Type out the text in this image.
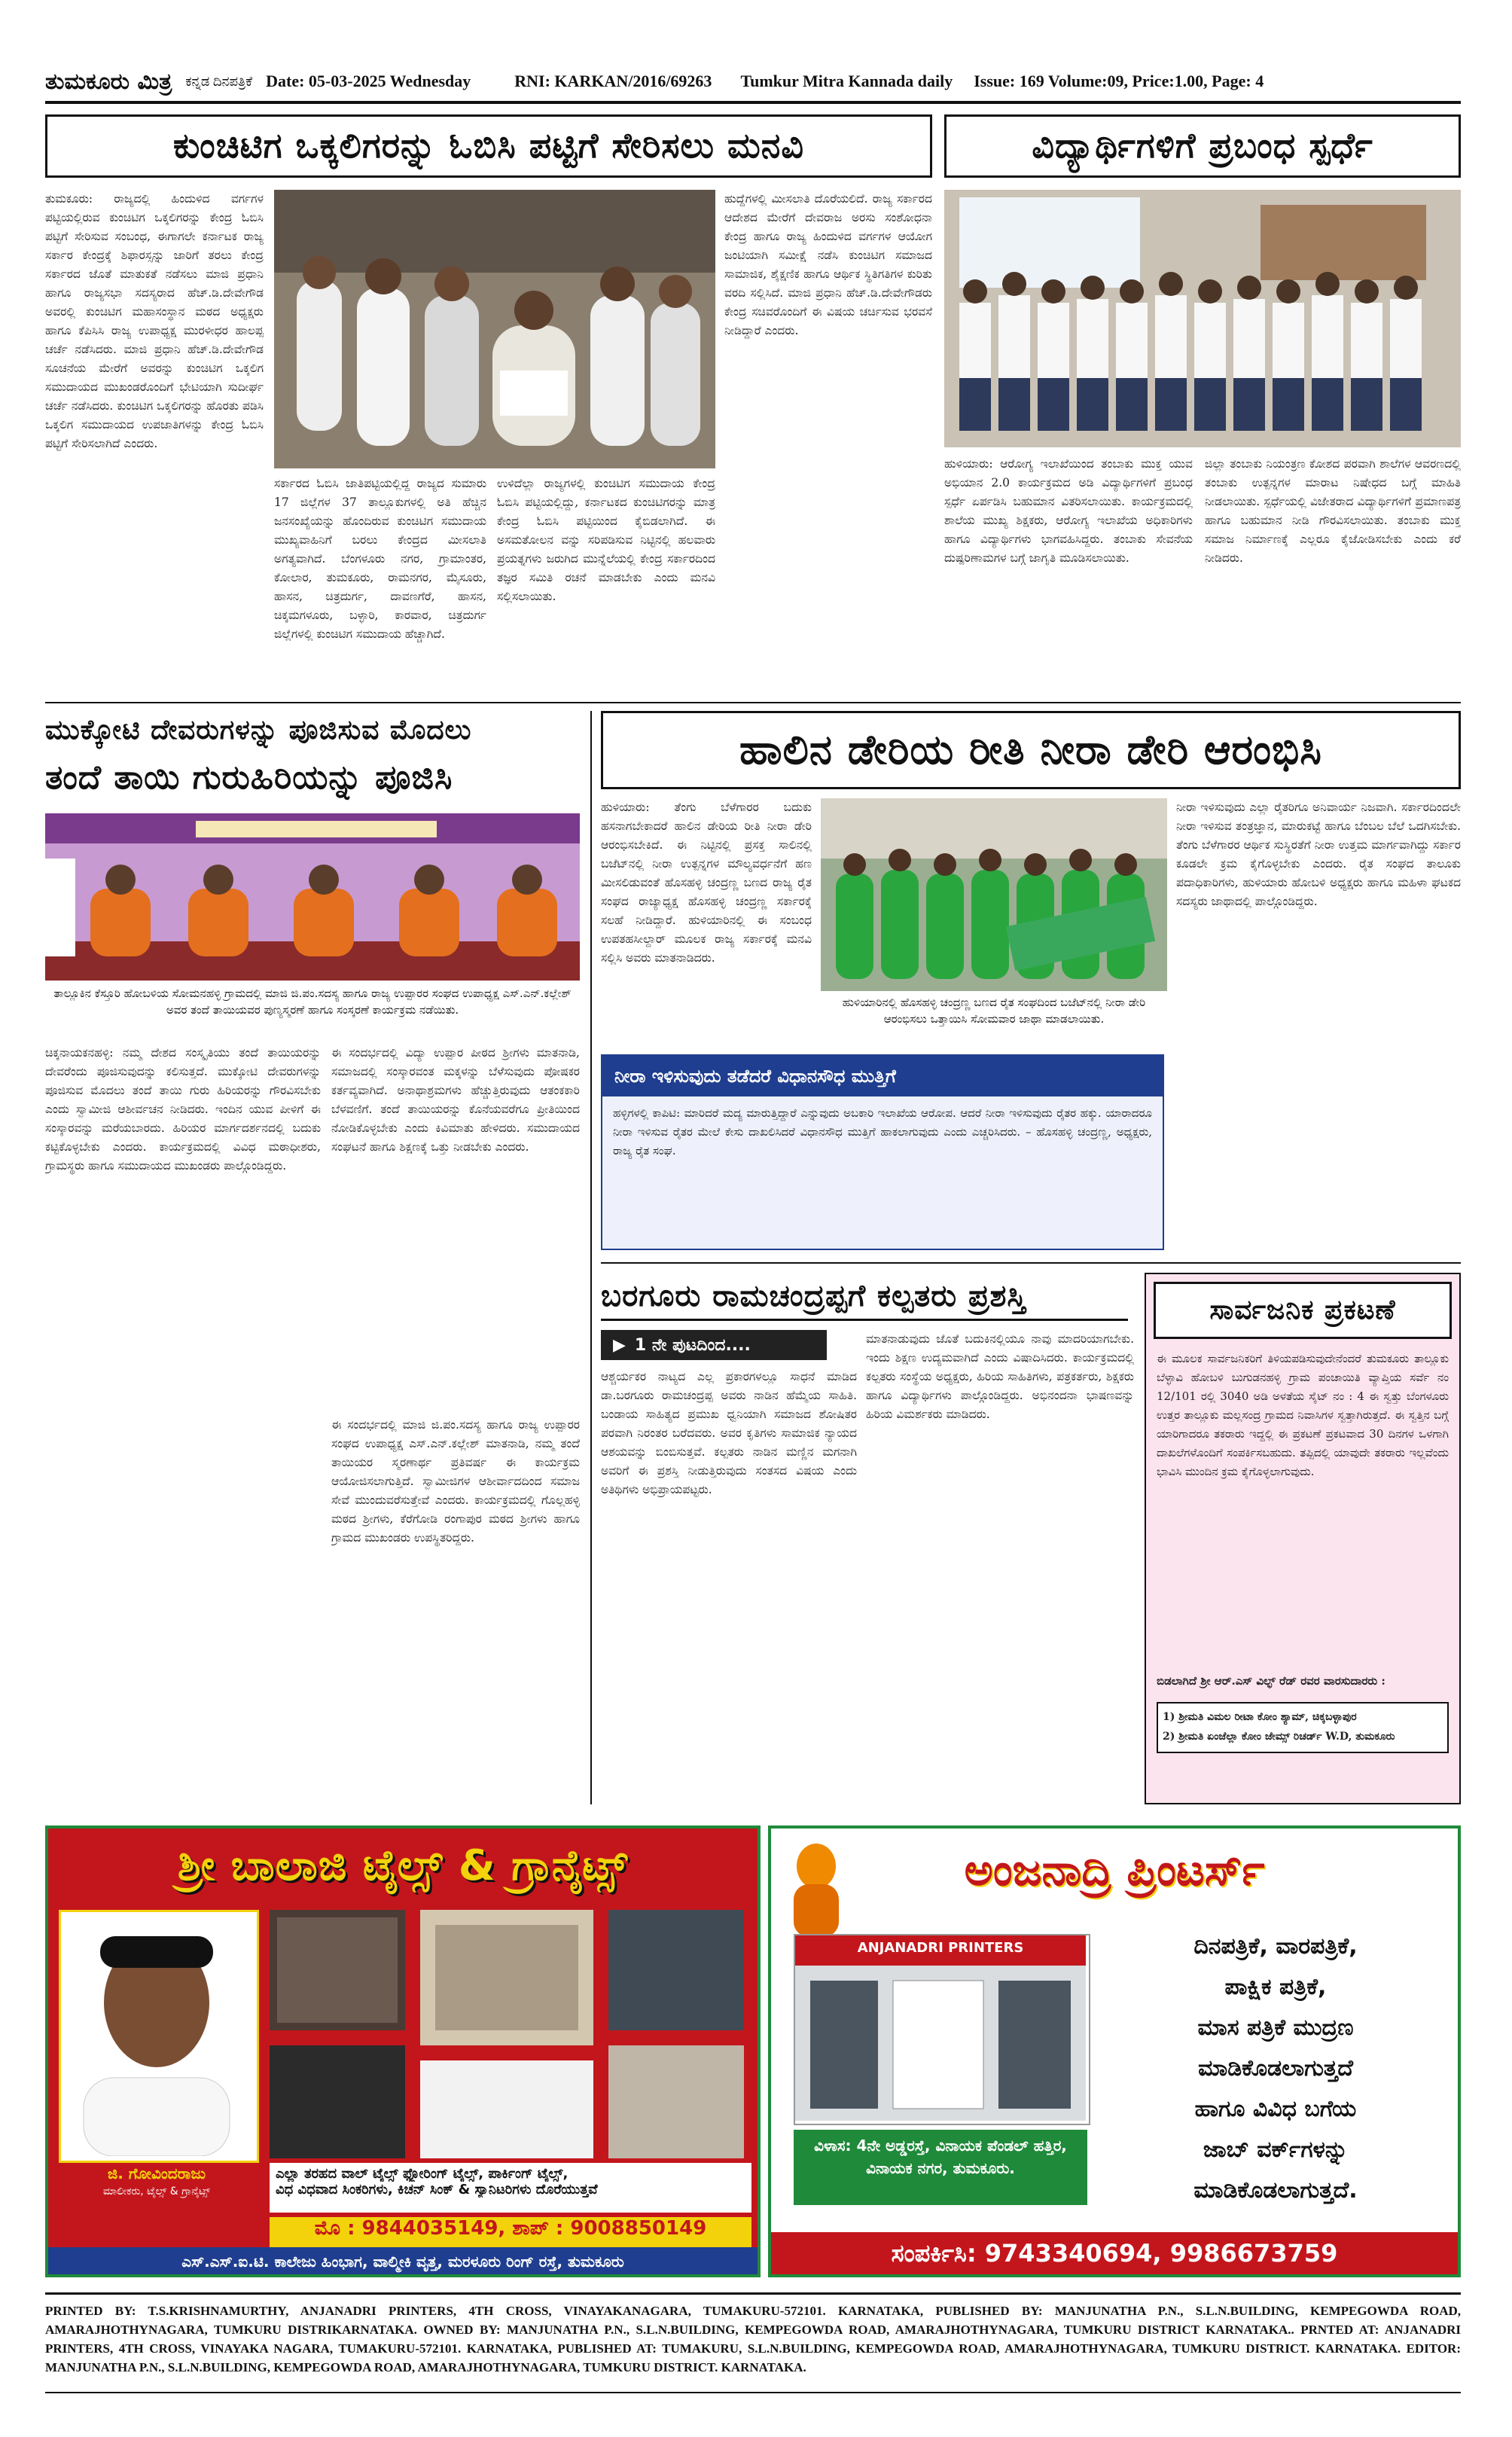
ತುಮಕೂರು ಮಿತ್ರ ಕನ್ನಡ ದಿನಪತ್ರಿಕೆ Date: 05-03-2025 Wednesday	RNI: KARKAN/2016/69263 Tumkur Mitra Kannada daily Issue: 169 Volume:09, Price:1.00, Page: 4
ಕುಂಚಿಟಿಗ ಒಕ್ಕಲಿಗರನ್ನು ಓಬಿಸಿ ಪಟ್ಟಿಗೆ ಸೇರಿಸಲು ಮನವಿ
ತುಮಕೂರು: ರಾಜ್ಯದಲ್ಲಿ ಹಿಂದುಳಿದ ವರ್ಗಗಳ ಪಟ್ಟಿಯಲ್ಲಿರುವ ಕುಂಚಿಟಿಗ ಒಕ್ಕಲಿಗರನ್ನು ಕೇಂದ್ರ ಓಬಿಸಿ ಪಟ್ಟಿಗೆ ಸೇರಿಸುವ ಸಂಬಂಧ, ಈಗಾಗಲೇ ಕರ್ನಾಟಕ ರಾಜ್ಯ ಸರ್ಕಾರ ಕೇಂದ್ರಕ್ಕೆ ಶಿಫಾರಸ್ಸನ್ನು ಜಾರಿಗೆ ತರಲು ಕೇಂದ್ರ ಸರ್ಕಾರದ ಜೊತೆ ಮಾತುಕತೆ ನಡೆಸಲು ಮಾಜಿ ಪ್ರಧಾನಿ ಹಾಗೂ ರಾಜ್ಯಸಭಾ ಸದಸ್ಯರಾದ ಹೆಚ್.ಡಿ.ದೇವೇಗೌಡ ಅವರಲ್ಲಿ ಕುಂಚಿಟಿಗ ಮಹಾಸಂಸ್ಥಾನ ಮಠದ ಅಧ್ಯಕ್ಷರು ಹಾಗೂ ಕೆಪಿಸಿಸಿ ರಾಜ್ಯ ಉಪಾಧ್ಯಕ್ಷ ಮುರಳೀಧರ ಹಾಲಪ್ಪ ಚರ್ಚೆ ನಡೆಸಿದರು. ಮಾಜಿ ಪ್ರಧಾನಿ ಹೆಚ್.ಡಿ.ದೇವೇಗೌಡ ಸೂಚನೆಯ ಮೇರೆಗೆ ಅವರನ್ನು ಕುಂಚಿಟಿಗ ಒಕ್ಕಲಿಗ ಸಮುದಾಯದ ಮುಖಂಡರೊಂದಿಗೆ ಭೇಟಿಯಾಗಿ ಸುದೀರ್ಘ ಚರ್ಚೆ ನಡೆಸಿದರು. ಕುಂಚಿಟಿಗ ಒಕ್ಕಲಿಗರನ್ನು ಹೊರತು ಪಡಿಸಿ ಒಕ್ಕಲಿಗ ಸಮುದಾಯದ ಉಪಜಾತಿಗಳನ್ನು ಕೇಂದ್ರ ಓಬಿಸಿ ಪಟ್ಟಿಗೆ ಸೇರಿಸಲಾಗಿದೆ ಎಂದರು.
ಸರ್ಕಾರದ ಓಬಿಸಿ ಜಾತಿಪಟ್ಟಿಯಲ್ಲಿದ್ದ ರಾಜ್ಯದ ಸುಮಾರು 17 ಜಿಲ್ಲೆಗಳ 37 ತಾಲ್ಲೂಕುಗಳಲ್ಲಿ ಅತಿ ಹೆಚ್ಚಿನ ಜನಸಂಖ್ಯೆಯನ್ನು ಹೊಂದಿರುವ ಕುಂಚಿಟಿಗ ಸಮುದಾಯ ಮುಖ್ಯವಾಹಿನಿಗೆ ಬರಲು ಕೇಂದ್ರದ ಮೀಸಲಾತಿ ಅಗತ್ಯವಾಗಿದೆ. ಬೆಂಗಳೂರು ನಗರ, ಗ್ರಾಮಾಂತರ, ಕೋಲಾರ, ತುಮಕೂರು, ರಾಮನಗರ, ಮೈಸೂರು, ಹಾಸನ, ಚಿತ್ರದುರ್ಗ, ದಾವಣಗೆರೆ, ಹಾಸನ, ಚಿಕ್ಕಮಗಳೂರು, ಬಳ್ಳಾರಿ, ಕಾರವಾರ, ಚಿತ್ರದುರ್ಗ ಜಿಲ್ಲೆಗಳಲ್ಲಿ ಕುಂಚಿಟಿಗ ಸಮುದಾಯ ಹೆಚ್ಚಾಗಿದೆ.
ಉಳಿದೆಲ್ಲಾ ರಾಜ್ಯಗಳಲ್ಲಿ ಕುಂಚಿಟಿಗ ಸಮುದಾಯ ಕೇಂದ್ರ ಓಬಿಸಿ ಪಟ್ಟಿಯಲ್ಲಿದ್ದು, ಕರ್ನಾಟಕದ ಕುಂಚಿಟಿಗರನ್ನು ಮಾತ್ರ ಕೇಂದ್ರ ಓಬಿಸಿ ಪಟ್ಟಿಯಿಂದ ಕೈಬಿಡಲಾಗಿದೆ. ಈ ಅಸಮತೋಲನ ವನ್ನು ಸರಿಪಡಿಸುವ ನಿಟ್ಟಿನಲ್ಲಿ ಹಲವಾರು ಪ್ರಯತ್ನಗಳು ಜರುಗಿದ ಮುನ್ನೆಲೆಯಲ್ಲಿ ಕೇಂದ್ರ ಸರ್ಕಾರದಿಂದ ತಜ್ಞರ ಸಮಿತಿ ರಚನೆ ಮಾಡಬೇಕು ಎಂದು ಮನವಿ ಸಲ್ಲಿಸಲಾಯಿತು.
ಹುದ್ದೆಗಳಲ್ಲಿ ಮೀಸಲಾತಿ ದೊರೆಯಲಿದೆ. ರಾಜ್ಯ ಸರ್ಕಾರದ ಆದೇಶದ ಮೇರೆಗೆ ದೇವರಾಜ ಅರಸು ಸಂಶೋಧನಾ ಕೇಂದ್ರ ಹಾಗೂ ರಾಜ್ಯ ಹಿಂದುಳಿದ ವರ್ಗಗಳ ಆಯೋಗ ಜಂಟಿಯಾಗಿ ಸಮೀಕ್ಷೆ ನಡೆಸಿ ಕುಂಚಿಟಿಗ ಸಮಾಜದ ಸಾಮಾಜಿಕ, ಶೈಕ್ಷಣಿಕ ಹಾಗೂ ಆರ್ಥಿಕ ಸ್ಥಿತಿಗತಿಗಳ ಕುರಿತು ವರದಿ ಸಲ್ಲಿಸಿದೆ. ಮಾಜಿ ಪ್ರಧಾನಿ ಹೆಚ್.ಡಿ.ದೇವೇಗೌಡರು ಕೇಂದ್ರ ಸಚಿವರೊಂದಿಗೆ ಈ ವಿಷಯ ಚರ್ಚಿಸುವ ಭರವಸೆ ನೀಡಿದ್ದಾರೆ ಎಂದರು.
ವಿದ್ಯಾರ್ಥಿಗಳಿಗೆ ಪ್ರಬಂಧ ಸ್ಪರ್ಧೆ
ಹುಳಿಯಾರು: ಆರೋಗ್ಯ ಇಲಾಖೆಯಿಂದ ತಂಬಾಕು ಮುಕ್ತ ಯುವ ಅಭಿಯಾನ 2.0 ಕಾರ್ಯಕ್ರಮದ ಅಡಿ ವಿದ್ಯಾರ್ಥಿಗಳಿಗೆ ಪ್ರಬಂಧ ಸ್ಪರ್ಧೆ ಏರ್ಪಡಿಸಿ ಬಹುಮಾನ ವಿತರಿಸಲಾಯಿತು. ಕಾರ್ಯಕ್ರಮದಲ್ಲಿ ಶಾಲೆಯ ಮುಖ್ಯ ಶಿಕ್ಷಕರು, ಆರೋಗ್ಯ ಇಲಾಖೆಯ ಅಧಿಕಾರಿಗಳು ಹಾಗೂ ವಿದ್ಯಾರ್ಥಿಗಳು ಭಾಗವಹಿಸಿದ್ದರು. ತಂಬಾಕು ಸೇವನೆಯ ದುಷ್ಪರಿಣಾಮಗಳ ಬಗ್ಗೆ ಜಾಗೃತಿ ಮೂಡಿಸಲಾಯಿತು.
ಜಿಲ್ಲಾ ತಂಬಾಕು ನಿಯಂತ್ರಣ ಕೋಶದ ಪರವಾಗಿ ಶಾಲೆಗಳ ಆವರಣದಲ್ಲಿ ತಂಬಾಕು ಉತ್ಪನ್ನಗಳ ಮಾರಾಟ ನಿಷೇಧದ ಬಗ್ಗೆ ಮಾಹಿತಿ ನೀಡಲಾಯಿತು. ಸ್ಪರ್ಧೆಯಲ್ಲಿ ವಿಜೇತರಾದ ವಿದ್ಯಾರ್ಥಿಗಳಿಗೆ ಪ್ರಮಾಣಪತ್ರ ಹಾಗೂ ಬಹುಮಾನ ನೀಡಿ ಗೌರವಿಸಲಾಯಿತು. ತಂಬಾಕು ಮುಕ್ತ ಸಮಾಜ ನಿರ್ಮಾಣಕ್ಕೆ ಎಲ್ಲರೂ ಕೈಜೋಡಿಸಬೇಕು ಎಂದು ಕರೆ ನೀಡಿದರು.
ಮುಕ್ಕೋಟಿ ದೇವರುಗಳನ್ನು ಪೂಜಿಸುವ ಮೊದಲು
ತಂದೆ ತಾಯಿ ಗುರುಹಿರಿಯನ್ನು ಪೂಜಿಸಿ
ತಾಲ್ಲೂಕಿನ ಕೆಸ್ತೂರಿ ಹೋಬಳಿಯ ಸೋಮನಹಳ್ಳಿ ಗ್ರಾಮದಲ್ಲಿ ಮಾಜಿ ಜಿ.ಪಂ.ಸದಸ್ಯ ಹಾಗೂ ರಾಜ್ಯ ಉಪ್ಪಾರರ ಸಂಘದ ಉಪಾಧ್ಯಕ್ಷ ಎಸ್.ಎನ್.ಕಲ್ಲೇಶ್ ಅವರ ತಂದೆ ತಾಯಿಯವರ ಪುಣ್ಯಸ್ಮರಣೆ ಹಾಗೂ ಸಂಸ್ಕರಣೆ ಕಾರ್ಯಕ್ರಮ ನಡೆಯಿತು.
ಚಿಕ್ಕನಾಯಕನಹಳ್ಳಿ: ನಮ್ಮ ದೇಶದ ಸಂಸ್ಕೃತಿಯು ತಂದೆ ತಾಯಿಯರನ್ನು ದೇವರೆಂದು ಪೂಜಿಸುವುದನ್ನು ಕಲಿಸುತ್ತದೆ. ಮುಕ್ಕೋಟಿ ದೇವರುಗಳನ್ನು ಪೂಜಿಸುವ ಮೊದಲು ತಂದೆ ತಾಯಿ ಗುರು ಹಿರಿಯರನ್ನು ಗೌರವಿಸಬೇಕು ಎಂದು ಸ್ವಾಮೀಜಿ ಆಶೀರ್ವಚನ ನೀಡಿದರು. ಇಂದಿನ ಯುವ ಪೀಳಿಗೆ ಈ ಸಂಸ್ಕಾರವನ್ನು ಮರೆಯಬಾರದು. ಹಿರಿಯರ ಮಾರ್ಗದರ್ಶನದಲ್ಲಿ ಬದುಕು ಕಟ್ಟಿಕೊಳ್ಳಬೇಕು ಎಂದರು. ಕಾರ್ಯಕ್ರಮದಲ್ಲಿ ವಿವಿಧ ಮಠಾಧೀಶರು, ಗ್ರಾಮಸ್ಥರು ಹಾಗೂ ಸಮುದಾಯದ ಮುಖಂಡರು ಪಾಲ್ಗೊಂಡಿದ್ದರು.
ಈ ಸಂದರ್ಭದಲ್ಲಿ ವಿದ್ಯಾ ಉಪ್ಪಾರ ಪೀಠದ ಶ್ರೀಗಳು ಮಾತನಾಡಿ, ಸಮಾಜದಲ್ಲಿ ಸಂಸ್ಕಾರವಂತ ಮಕ್ಕಳನ್ನು ಬೆಳೆಸುವುದು ಪೋಷಕರ ಕರ್ತವ್ಯವಾಗಿದೆ. ಅನಾಥಾಶ್ರಮಗಳು ಹೆಚ್ಚುತ್ತಿರುವುದು ಆತಂಕಕಾರಿ ಬೆಳವಣಿಗೆ. ತಂದೆ ತಾಯಿಯರನ್ನು ಕೊನೆಯವರೆಗೂ ಪ್ರೀತಿಯಿಂದ ನೋಡಿಕೊಳ್ಳಬೇಕು ಎಂದು ಕಿವಿಮಾತು ಹೇಳಿದರು. ಸಮುದಾಯದ ಸಂಘಟನೆ ಹಾಗೂ ಶಿಕ್ಷಣಕ್ಕೆ ಒತ್ತು ನೀಡಬೇಕು ಎಂದರು.
ಈ ಸಂದರ್ಭದಲ್ಲಿ ಮಾಜಿ ಜಿ.ಪಂ.ಸದಸ್ಯ ಹಾಗೂ ರಾಜ್ಯ ಉಪ್ಪಾರರ ಸಂಘದ ಉಪಾಧ್ಯಕ್ಷ ಎಸ್.ಎನ್.ಕಲ್ಲೇಶ್ ಮಾತನಾಡಿ, ನಮ್ಮ ತಂದೆ ತಾಯಿಯರ ಸ್ಮರಣಾರ್ಥ ಪ್ರತಿವರ್ಷ ಈ ಕಾರ್ಯಕ್ರಮ ಆಯೋಜಿಸಲಾಗುತ್ತಿದೆ. ಸ್ವಾಮೀಜಿಗಳ ಆಶೀರ್ವಾದದಿಂದ ಸಮಾಜ ಸೇವೆ ಮುಂದುವರೆಸುತ್ತೇವೆ ಎಂದರು. ಕಾರ್ಯಕ್ರಮದಲ್ಲಿ ಗೊಲ್ಲಹಳ್ಳಿ ಮಠದ ಶ್ರೀಗಳು, ಕೆರೆಗೋಡಿ ರಂಗಾಪುರ ಮಠದ ಶ್ರೀಗಳು ಹಾಗೂ ಗ್ರಾಮದ ಮುಖಂಡರು ಉಪಸ್ಥಿತರಿದ್ದರು.
ಹಾಲಿನ ಡೇರಿಯ ರೀತಿ ನೀರಾ ಡೇರಿ ಆರಂಭಿಸಿ
ಹುಳಿಯಾರು: ತೆಂಗು ಬೆಳೆಗಾರರ ಬದುಕು ಹಸನಾಗಬೇಕಾದರೆ ಹಾಲಿನ ಡೇರಿಯ ರೀತಿ ನೀರಾ ಡೇರಿ ಆರಂಭಿಸಬೇಕಿದೆ. ಈ ನಿಟ್ಟಿನಲ್ಲಿ ಪ್ರಸಕ್ತ ಸಾಲಿನಲ್ಲಿ ಬಜೆಟ್‌ನಲ್ಲಿ ನೀರಾ ಉತ್ಪನ್ನಗಳ ಮೌಲ್ಯವರ್ಧನೆಗೆ ಹಣ ಮೀಸಲಿಡುವಂತೆ ಹೊಸಹಳ್ಳಿ ಚಂದ್ರಣ್ಣ ಬಣದ ರಾಜ್ಯ ರೈತ ಸಂಘದ ರಾಜ್ಯಾಧ್ಯಕ್ಷ ಹೊಸಹಳ್ಳಿ ಚಂದ್ರಣ್ಣ ಸರ್ಕಾರಕ್ಕೆ ಸಲಹೆ ನೀಡಿದ್ದಾರೆ. ಹುಳಿಯಾರಿನಲ್ಲಿ ಈ ಸಂಬಂಧ ಉಪತಹಸೀಲ್ದಾರ್ ಮೂಲಕ ರಾಜ್ಯ ಸರ್ಕಾರಕ್ಕೆ ಮನವಿ ಸಲ್ಲಿಸಿ ಅವರು ಮಾತನಾಡಿದರು.
ಹುಳಿಯಾರಿನಲ್ಲಿ ಹೊಸಹಳ್ಳಿ ಚಂದ್ರಣ್ಣ ಬಣದ ರೈತ ಸಂಘದಿಂದ ಬಜೆಟ್‌ನಲ್ಲಿ ನೀರಾ ಡೇರಿ ಆರಂಭಿಸಲು ಒತ್ತಾಯಿಸಿ ಸೋಮವಾರ ಜಾಥಾ ಮಾಡಲಾಯಿತು.
ನೀರಾ ಇಳಿಸುವುದು ಎಲ್ಲಾ ರೈತರಿಗೂ ಅನಿವಾರ್ಯ ನಿಜವಾಗಿ. ಸರ್ಕಾರದಿಂದಲೇ ನೀರಾ ಇಳಿಸುವ ತಂತ್ರಜ್ಞಾನ, ಮಾರುಕಟ್ಟೆ ಹಾಗೂ ಬೆಂಬಲ ಬೆಲೆ ಒದಗಿಸಬೇಕು. ತೆಂಗು ಬೆಳೆಗಾರರ ಆರ್ಥಿಕ ಸುಸ್ಥಿರತೆಗೆ ನೀರಾ ಉತ್ತಮ ಮಾರ್ಗವಾಗಿದ್ದು ಸರ್ಕಾರ ಕೂಡಲೇ ಕ್ರಮ ಕೈಗೊಳ್ಳಬೇಕು ಎಂದರು. ರೈತ ಸಂಘದ ತಾಲೂಕು ಪದಾಧಿಕಾರಿಗಳು, ಹುಳಿಯಾರು ಹೋಬಳಿ ಅಧ್ಯಕ್ಷರು ಹಾಗೂ ಮಹಿಳಾ ಘಟಕದ ಸದಸ್ಯರು ಜಾಥಾದಲ್ಲಿ ಪಾಲ್ಗೊಂಡಿದ್ದರು.
ನೀರಾ ಇಳಿಸುವುದು ತಡೆದರೆ ವಿಧಾನಸೌಧ ಮುತ್ತಿಗೆ
ಹಳ್ಳಿಗಳಲ್ಲಿ ಕಾಪಿಟಿ: ಮಾರಿದರೆ ಮದ್ಯ ಮಾರುತ್ತಿದ್ದಾರೆ ಎನ್ನುವುದು ಅಬಕಾರಿ ಇಲಾಖೆಯ ಆರೋಪ. ಆದರೆ ನೀರಾ ಇಳಿಸುವುದು ರೈತರ ಹಕ್ಕು. ಯಾರಾದರೂ ನೀರಾ ಇಳಿಸುವ ರೈತರ ಮೇಲೆ ಕೇಸು ದಾಖಲಿಸಿದರೆ ವಿಧಾನಸೌಧ ಮುತ್ತಿಗೆ ಹಾಕಲಾಗುವುದು ಎಂದು ಎಚ್ಚರಿಸಿದರು. – ಹೊಸಹಳ್ಳಿ ಚಂದ್ರಣ್ಣ, ಅಧ್ಯಕ್ಷರು, ರಾಜ್ಯ ರೈತ ಸಂಘ.
ಬರಗೂರು ರಾಮಚಂದ್ರಪ್ಪಗೆ ಕಲ್ಪತರು ಪ್ರಶಸ್ತಿ
▶ 1 ನೇ ಪುಟದಿಂದ....
ಆಶ್ಚರ್ಯಕರ ನಾಟ್ಯದ ಎಲ್ಲ ಪ್ರಕಾರಗಳಲ್ಲೂ ಸಾಧನೆ ಮಾಡಿದ ಡಾ.ಬರಗೂರು ರಾಮಚಂದ್ರಪ್ಪ ಅವರು ನಾಡಿನ ಹೆಮ್ಮೆಯ ಸಾಹಿತಿ. ಬಂಡಾಯ ಸಾಹಿತ್ಯದ ಪ್ರಮುಖ ಧ್ವನಿಯಾಗಿ ಸಮಾಜದ ಶೋಷಿತರ ಪರವಾಗಿ ನಿರಂತರ ಬರೆದವರು. ಅವರ ಕೃತಿಗಳು ಸಾಮಾಜಿಕ ನ್ಯಾಯದ ಆಶಯವನ್ನು ಬಿಂಬಿಸುತ್ತವೆ. ಕಲ್ಪತರು ನಾಡಿನ ಮಣ್ಣಿನ ಮಗನಾಗಿ ಅವರಿಗೆ ಈ ಪ್ರಶಸ್ತಿ ನೀಡುತ್ತಿರುವುದು ಸಂತಸದ ವಿಷಯ ಎಂದು ಅತಿಥಿಗಳು ಅಭಿಪ್ರಾಯಪಟ್ಟರು.
ಮಾತನಾಡುವುದು ಜೊತೆ ಬದುಕಿನಲ್ಲಿಯೂ ನಾವು ಮಾದರಿಯಾಗಬೇಕು. ಇಂದು ಶಿಕ್ಷಣ ಉದ್ಯಮವಾಗಿದೆ ಎಂದು ವಿಷಾದಿಸಿದರು. ಕಾರ್ಯಕ್ರಮದಲ್ಲಿ ಕಲ್ಪತರು ಸಂಸ್ಥೆಯ ಅಧ್ಯಕ್ಷರು, ಹಿರಿಯ ಸಾಹಿತಿಗಳು, ಪತ್ರಕರ್ತರು, ಶಿಕ್ಷಕರು ಹಾಗೂ ವಿದ್ಯಾರ್ಥಿಗಳು ಪಾಲ್ಗೊಂಡಿದ್ದರು. ಅಭಿನಂದನಾ ಭಾಷಣವನ್ನು ಹಿರಿಯ ವಿಮರ್ಶಕರು ಮಾಡಿದರು.
ಸಾರ್ವಜನಿಕ ಪ್ರಕಟಣೆ
ಈ ಮೂಲಕ ಸಾರ್ವಜನಿಕರಿಗೆ ತಿಳಿಯಪಡಿಸುವುದೇನೆಂದರೆ ತುಮಕೂರು ತಾಲ್ಲೂಕು ಬೆಳ್ಳಾವಿ ಹೋಬಳಿ ಬುಗುಡನಹಳ್ಳಿ ಗ್ರಾಮ ಪಂಚಾಯಿತಿ ವ್ಯಾಪ್ತಿಯ ಸರ್ವೆ ನಂ 12/101 ರಲ್ಲಿ 3040 ಅಡಿ ಅಳತೆಯ ಸೈಟ್ ನಂ : 4 ಈ ಸ್ವತ್ತು ಬೆಂಗಳೂರು ಉತ್ತರ ತಾಲ್ಲೂಕು ಮಲ್ಲಸಂದ್ರ ಗ್ರಾಮದ ನಿವಾಸಿಗಳ ಸ್ವತ್ತಾಗಿರುತ್ತದೆ. ಈ ಸ್ವತ್ತಿನ ಬಗ್ಗೆ ಯಾರಿಗಾದರೂ ತಕರಾರು ಇದ್ದಲ್ಲಿ ಈ ಪ್ರಕಟಣೆ ಪ್ರಕಟವಾದ 30 ದಿನಗಳ ಒಳಗಾಗಿ ದಾಖಲೆಗಳೊಂದಿಗೆ ಸಂಪರ್ಕಿಸಬಹುದು. ತಪ್ಪಿದಲ್ಲಿ ಯಾವುದೇ ತಕರಾರು ಇಲ್ಲವೆಂದು ಭಾವಿಸಿ ಮುಂದಿನ ಕ್ರಮ ಕೈಗೊಳ್ಳಲಾಗುವುದು.
ಬಿಡಲಾಗಿದೆ ಶ್ರೀ ಆರ್.ಎಸ್ ವಿಲ್ಫ್ ರೆಡ್ ರವರ ವಾರಸುದಾರರು :
1) ಶ್ರೀಮತಿ ವಿಮಲ ರೀಟಾ ಕೋಂ ಶ್ಯಾಮ್, ಚಿಕ್ಕಬಳ್ಳಾಪುರ
2) ಶ್ರೀಮತಿ ಏಂಜೆಲ್ಲಾ ಕೋಂ ಜೇಮ್ಸ್ ರಿಚರ್ಡ್ W.D, ತುಮಕೂರು
ಶ್ರೀ ಬಾಲಾಜಿ ಟೈಲ್ಸ್ & ಗ್ರಾನೈಟ್ಸ್
ಜಿ. ಗೋವಿಂದರಾಜು
ಮಾಲೀಕರು, ಟೈಲ್ಸ್ & ಗ್ರಾನೈಟ್ಸ್
ಎಲ್ಲಾ ತರಹದ ವಾಲ್ ಟೈಲ್ಸ್ ಫ್ಲೋರಿಂಗ್ ಟೈಲ್ಸ್, ಪಾರ್ಕಿಂಗ್ ಟೈಲ್ಸ್,
ವಿಧ ವಿಧವಾದ ಸಿಂಕರಿಗಳು, ಕಿಚನ್ ಸಿಂಕ್ & ಸ್ಯಾನಿಟರಿಗಳು ದೊರೆಯುತ್ತವೆ
ಮೊ : 9844035149, ಶಾಪ್ : 9008850149
ಎಸ್.ಎಸ್.ಐ.ಟಿ. ಕಾಲೇಜು ಹಿಂಭಾಗ, ವಾಲ್ಮೀಕಿ ವೃತ್ತ, ಮರಳೂರು ರಿಂಗ್ ರಸ್ತೆ, ತುಮಕೂರು
ಅಂಜನಾದ್ರಿ ಪ್ರಿಂಟರ್ಸ್
ANJANADRI PRINTERS
ವಿಳಾಸ: 4ನೇ ಅಡ್ಡರಸ್ತೆ, ವಿನಾಯಕ ಪೆಂಡಲ್ ಹತ್ತಿರ, ವಿನಾಯಕ ನಗರ, ತುಮಕೂರು.
ದಿನಪತ್ರಿಕೆ, ವಾರಪತ್ರಿಕೆ,
ಪಾಕ್ಷಿಕ ಪತ್ರಿಕೆ,
ಮಾಸ ಪತ್ರಿಕೆ ಮುದ್ರಣ
ಮಾಡಿಕೊಡಲಾಗುತ್ತದೆ
ಹಾಗೂ ವಿವಿಧ ಬಗೆಯ
ಜಾಬ್ ವರ್ಕ್‌ಗಳನ್ನು
ಮಾಡಿಕೊಡಲಾಗುತ್ತದೆ.
ಸಂಪರ್ಕಿಸಿ: 9743340694, 9986673759
PRINTED BY: T.S.KRISHNAMURTHY, ANJANADRI PRINTERS, 4TH CROSS, VINAYAKANAGARA, TUMAKURU-572101. KARNATAKA, PUBLISHED BY: MANJUNATHA P.N., S.L.N.BUILDING, KEMPEGOWDA ROAD, AMARAJHOTHYNAGARA, TUMKURU DISTRIKARNATAKA. OWNED BY: MANJUNATHA P.N., S.L.N.BUILDING, KEMPEGOWDA ROAD, AMARAJHOTHYNAGARA, TUMKURU DISTRICT KARNATAKA.. PRNTED AT: ANJANADRI PRINTERS, 4TH CROSS, VINAYAKA NAGARA, TUMAKURU-572101. KARNATAKA, PUBLISHED AT: TUMAKURU, S.L.N.BUILDING, KEMPEGOWDA ROAD, AMARAJHOTHYNAGARA, TUMKURU DISTRICT. KARNATAKA. EDITOR: MANJUNATHA P.N., S.L.N.BUILDING, KEMPEGOWDA ROAD, AMARAJHOTHYNAGARA, TUMKURU DISTRICT. KARNATAKA.
